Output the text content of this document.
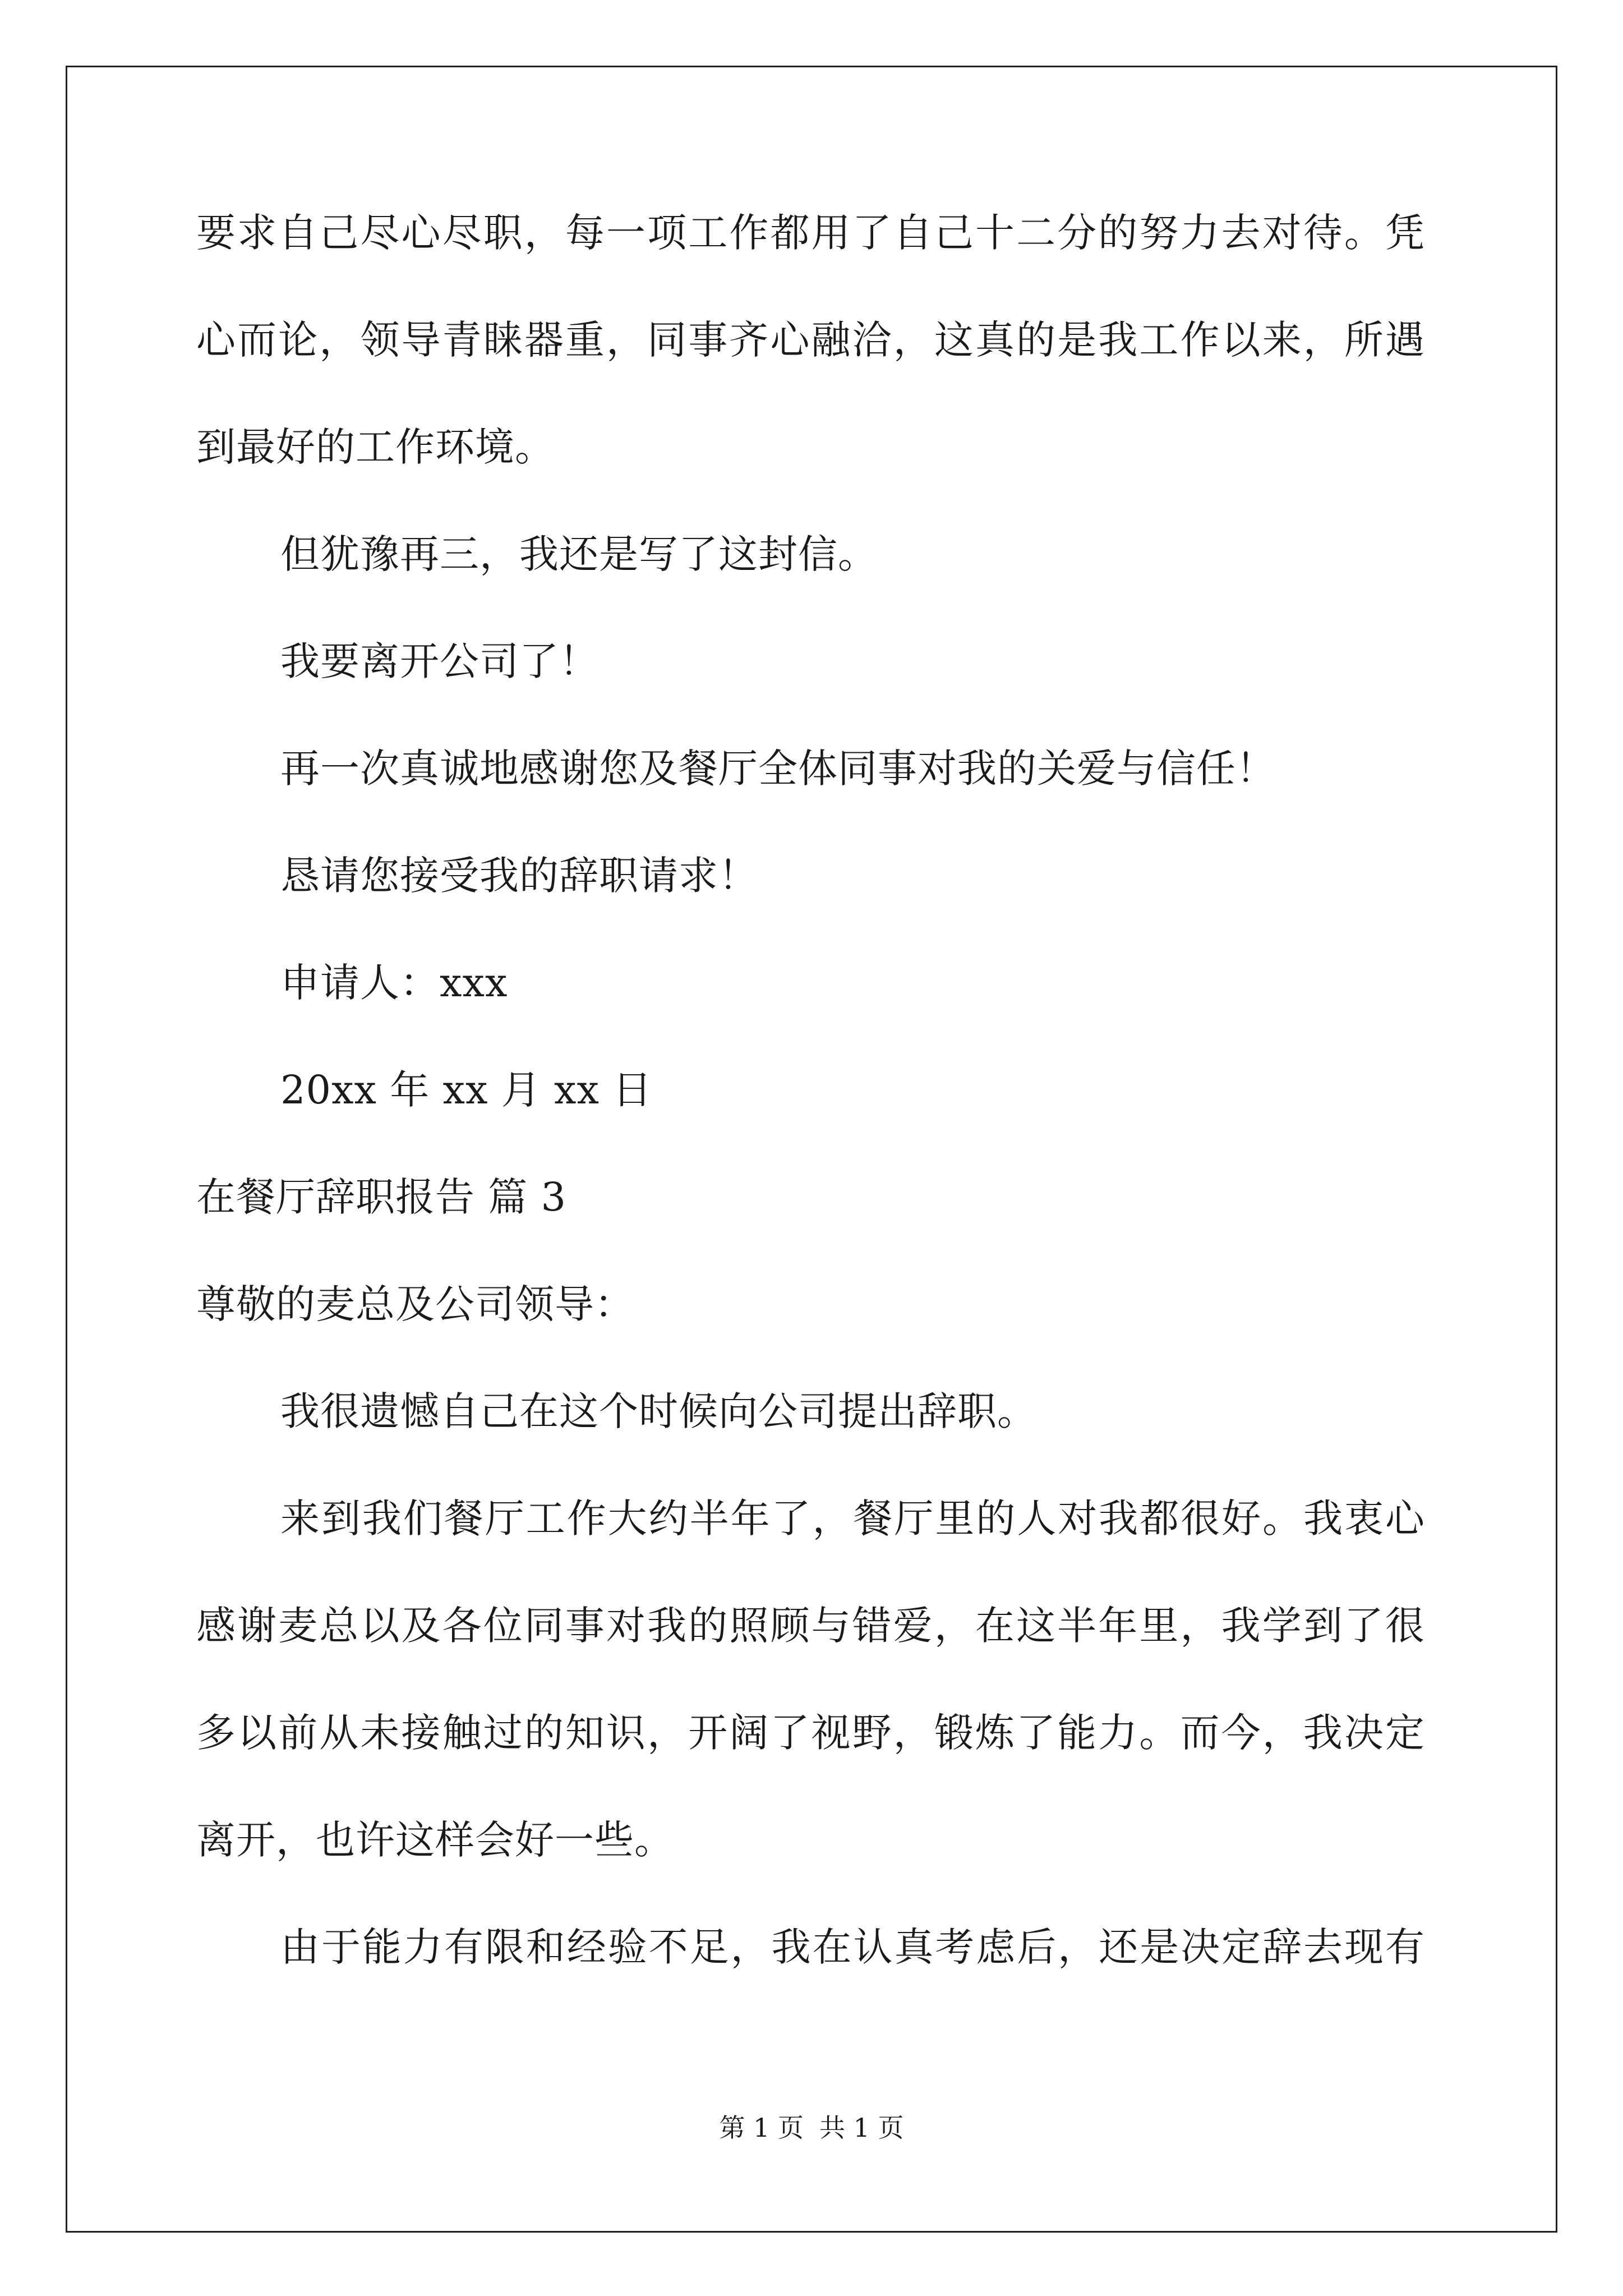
要求自己尽心尽职，每一项工作都用了自己十二分的努力去对待。凭
心而论，领导青睐器重，同事齐心融洽，这真的是我工作以来，所遇
到最好的工作环境。
但犹豫再三，我还是写了这封信。
我要离开公司了！
再一次真诚地感谢您及餐厅全体同事对我的关爱与信任！
恳请您接受我的辞职请求！
申请人：xxx
20xx 年 xx 月 xx 日
在餐厅辞职报告 篇 3
尊敬的麦总及公司领导：
我很遗憾自己在这个时候向公司提出辞职。
来到我们餐厅工作大约半年了，餐厅里的人对我都很好。我衷心
感谢麦总以及各位同事对我的照顾与错爱，在这半年里，我学到了很
多以前从未接触过的知识，开阔了视野，锻炼了能力。而今，我决定
离开，也许这样会好一些。
由于能力有限和经验不足，我在认真考虑后，还是决定辞去现有
第 1 页 共 1 页
